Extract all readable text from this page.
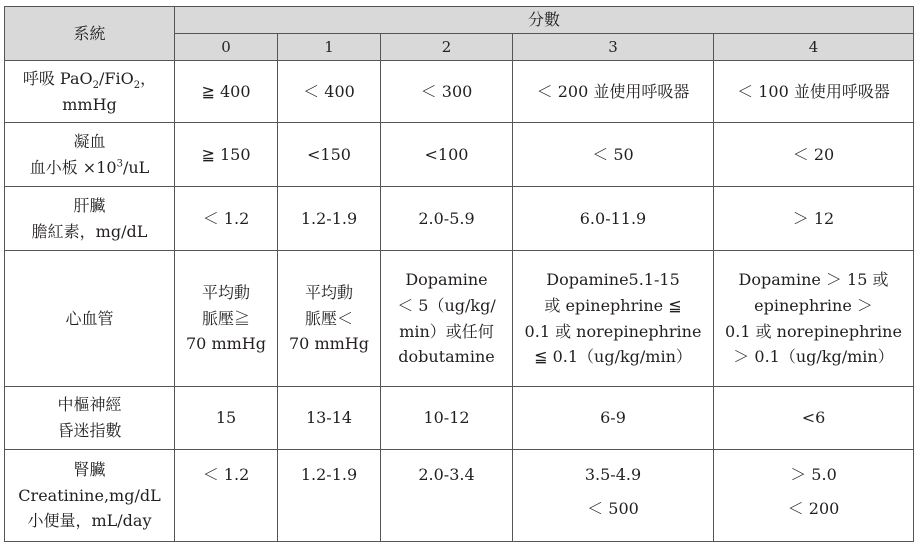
系統	分數				
	0	1	2	3	4

呼吸 PaO$_2$/FiO$_2$，
mmHg	≧ 400	＜ 400	＜ 300	＜ 200 並使用呼吸器	＜ 100 並使用呼吸器

凝血
血小板 $\times 10^3/uL$	≧ 150	<150	<100	＜ 50	＜ 20

肝臟
膽紅素，mg/dL	＜ 1.2	1.2-1.9	2.0-5.9	6.0-11.9	＞ 12

心血管	平均動
脈壓≧
70 mmHg	平均動
脈壓＜
70 mmHg	Dopamine
＜ 5（ug/kg/
min）或任何
dobutamine	Dopamine5.1-15
或 epinephrine ≦
0.1 或 norepinephrine
≦ 0.1（ug/kg/min）	Dopamine ＞ 15 或
epinephrine ＞
0.1 或 norepinephrine
＞ 0.1（ug/kg/min）

中樞神經
昏迷指數	15	13-14	10-12	6-9	<6

腎臟
Creatinine,mg/dL
小便量，mL/day	＜ 1.2	1.2-1.9	2.0-3.4	3.5-4.9
＜ 500	＞ 5.0
＜ 200
